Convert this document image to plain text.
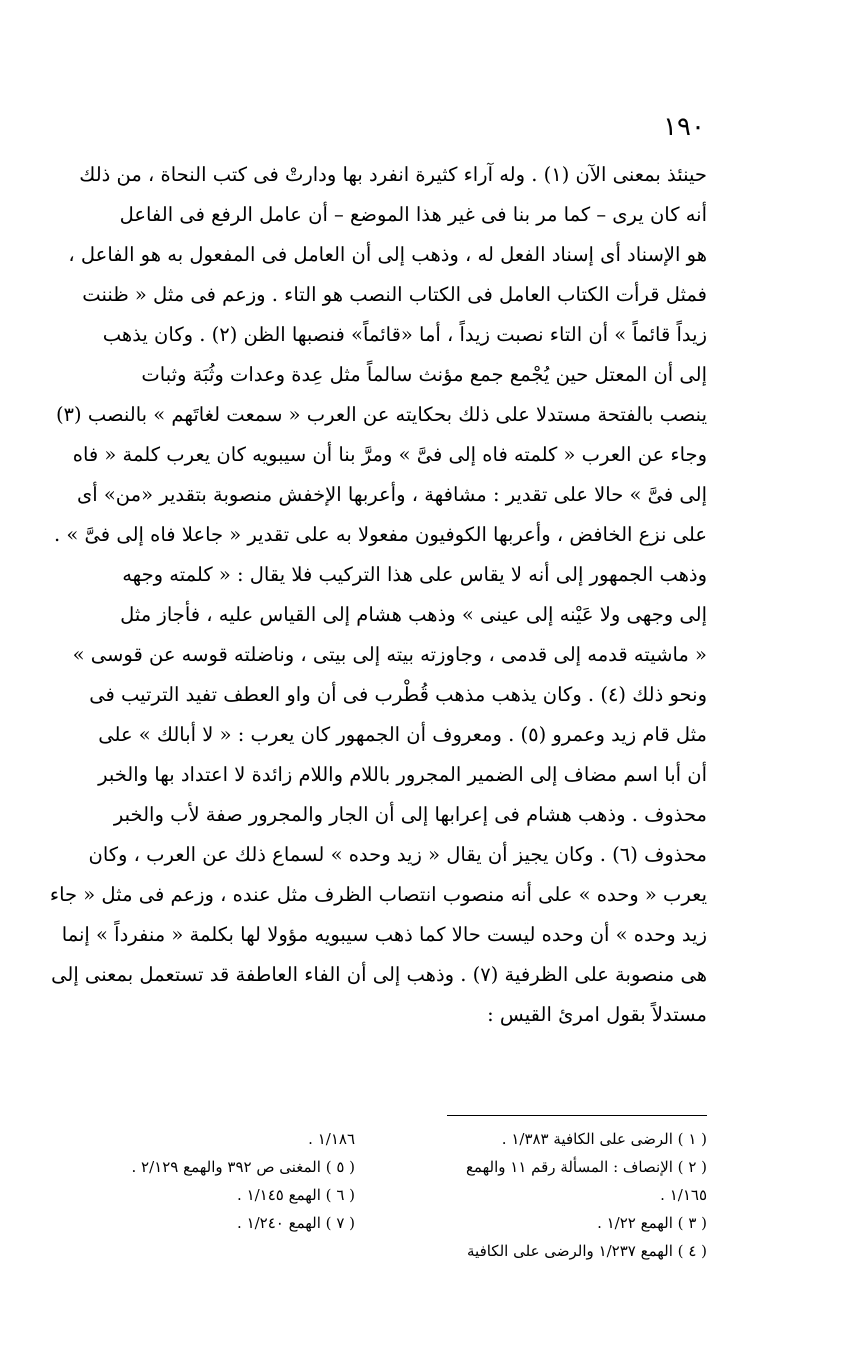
١٩٠
حينئذ بمعنى الآن (١) . وله آراء كثيرة انفرد بها ودارتْ فى كتب النحاة ، من ذلك
أنه كان يرى – كما مر بنا فى غير هذا الموضع – أن عامل الرفع فى الفاعل
هو الإسناد أى إسناد الفعل له ، وذهب إلى أن العامل فى المفعول به هو الفاعل ،
فمثل قرأت الكتاب العامل فى الكتاب النصب هو التاء . وزعم فى مثل « ظننت
زيداً قائماً » أن التاء نصبت زيداً ، أما «قائماً» فنصبها الظن (٢) . وكان يذهب
إلى أن المعتل حين يُجْمع جمع مؤنث سالماً مثل عِدة وعدات وثُبَة وثبات
ينصب بالفتحة مستدلا على ذلك بحكايته عن العرب « سمعت لغاتَهم » بالنصب (٣)
وجاء عن العرب « كلمته فاه إلى فىَّ » ومرَّ بنا أن سيبويه كان يعرب كلمة « فاه
إلى فىَّ » حالا على تقدير : مشافهة ، وأعربها الإخفش منصوبة بتقدير «من» أى
على نزع الخافض ، وأعربها الكوفيون مفعولا به على تقدير « جاعلا فاه إلى فىَّ » .
وذهب الجمهور إلى أنه لا يقاس على هذا التركيب فلا يقال : « كلمته وجهه
إلى وجهى ولا عَيْنه إلى عينى » وذهب هشام إلى القياس عليه ، فأجاز مثل
« ماشيته قدمه إلى قدمى ، وجاوزته بيته إلى بيتى ، وناضلته قوسه عن قوسى »
ونحو ذلك (٤) . وكان يذهب مذهب قُطْرب فى أن واو العطف تفيد الترتيب فى
مثل قام زيد وعمرو (٥) . ومعروف أن الجمهور كان يعرب : « لا أبالك » على
أن أبا اسم مضاف إلى الضمير المجرور باللام واللام زائدة لا اعتداد بها والخبر
محذوف . وذهب هشام فى إعرابها إلى أن الجار والمجرور صفة لأب والخبر
محذوف (٦) . وكان يجيز أن يقال « زيد وحده » لسماع ذلك عن العرب ، وكان
يعرب « وحده » على أنه منصوب انتصاب الظرف مثل عنده ، وزعم فى مثل « جاء
زيد وحده » أن وحده ليست حالا كما ذهب سيبويه مؤولا لها بكلمة « منفرداً » إنما
هى منصوبة على الظرفية (٧) . وذهب إلى أن الفاء العاطفة قد تستعمل بمعنى إلى
مستدلاً بقول امرئ القيس :
( ١ ) الرضى على الكافية ١/٣٨٣ .
( ٢ ) الإنصاف : المسألة رقم ١١ والهمع
١/١٦٥ .
( ٣ ) الهمع ١/٢٢ .
( ٤ ) الهمع ١/٢٣٧ والرضى على الكافية
١/١٨٦ .
( ٥ ) المغنى ص ٣٩٢ والهمع ٢/١٢٩ .
( ٦ ) الهمع ١/١٤٥ .
( ٧ ) الهمع ١/٢٤٠ .
